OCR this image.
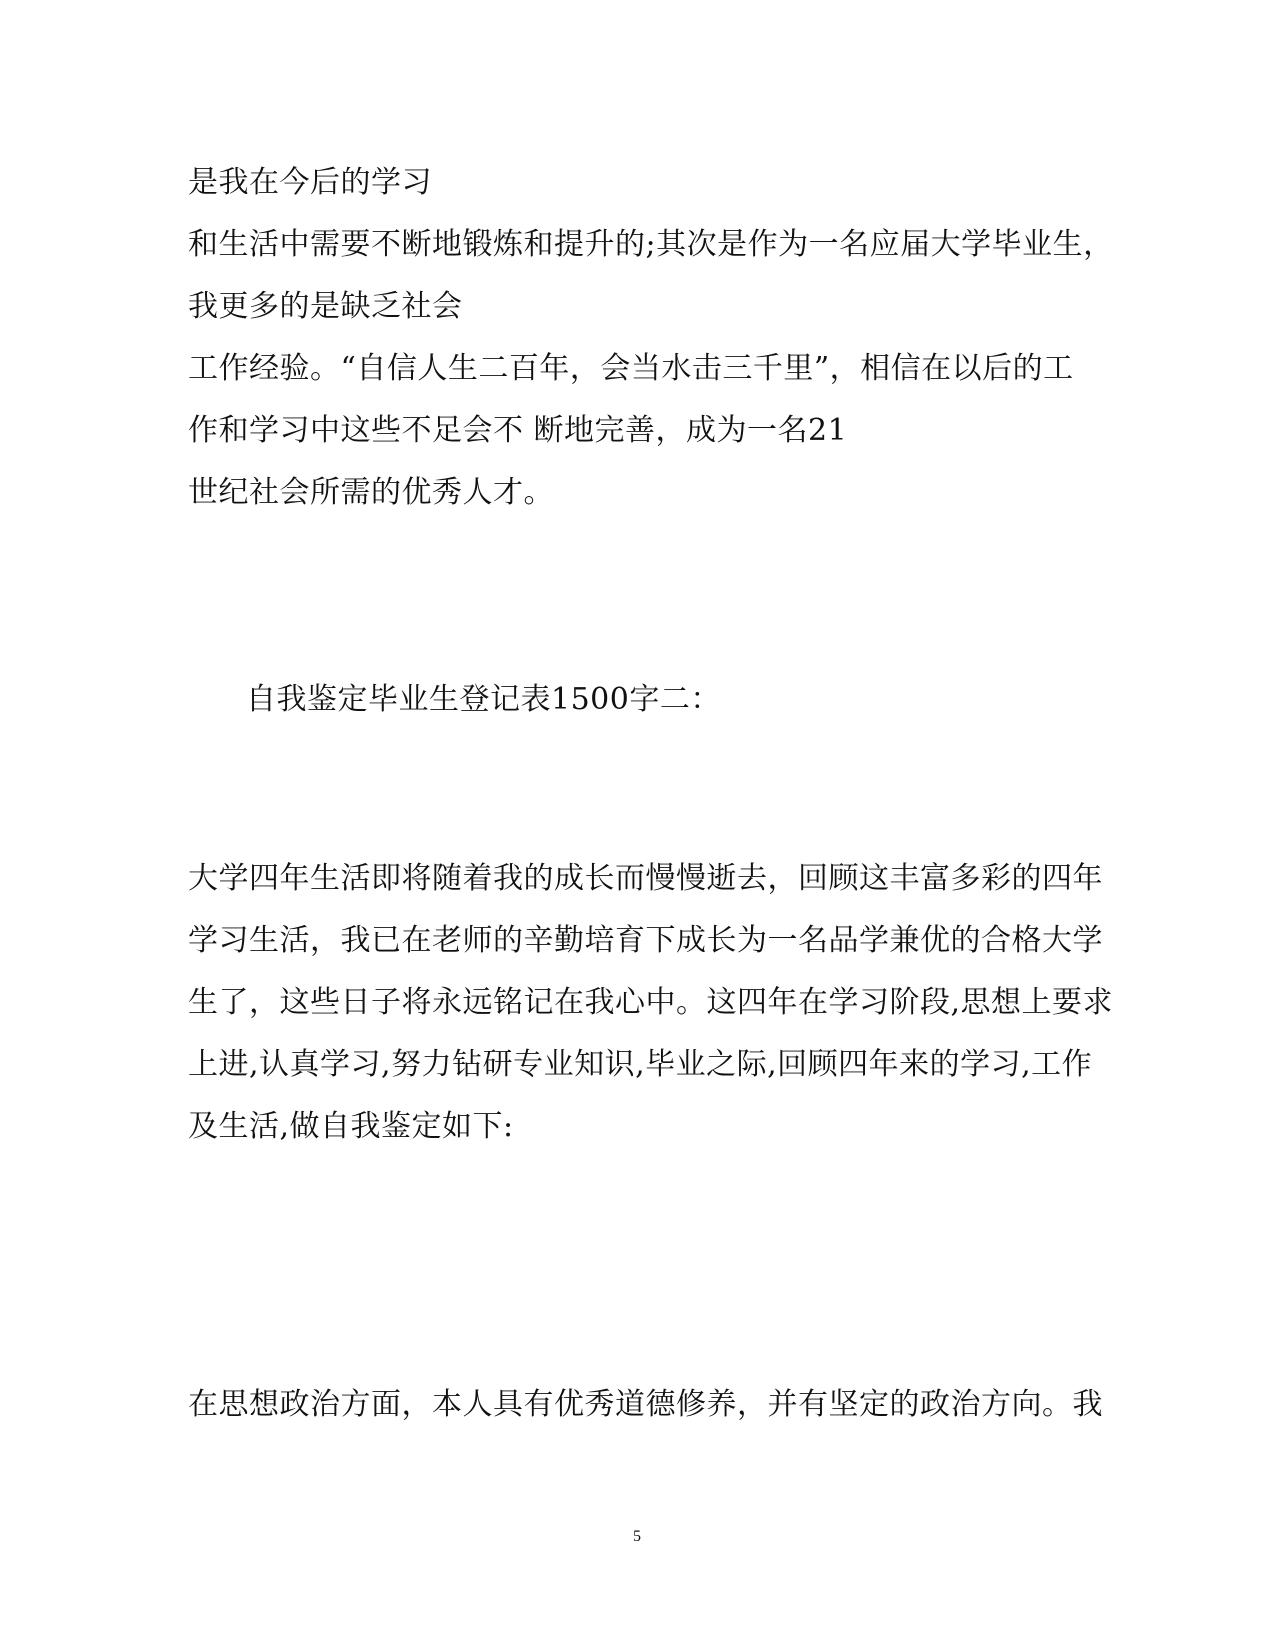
是我在今后的学习
和生活中需要不断地锻炼和提升的;其次是作为一名应届大学毕业生，
我更多的是缺乏社会
工作经验。“自信人生二百年，会当水击三千里”，相信在以后的工
作和学习中这些不足会不 断地完善，成为一名21
世纪社会所需的优秀人才。
自我鉴定毕业生登记表1500字二：
大学四年生活即将随着我的成长而慢慢逝去，回顾这丰富多彩的四年
学习生活，我已在老师的辛勤培育下成长为一名品学兼优的合格大学
生了，这些日子将永远铭记在我心中。这四年在学习阶段,思想上要求
上进,认真学习,努力钻研专业知识,毕业之际,回顾四年来的学习,工作
及生活,做自我鉴定如下:
在思想政治方面，本人具有优秀道德修养，并有坚定的政治方向。我
5
